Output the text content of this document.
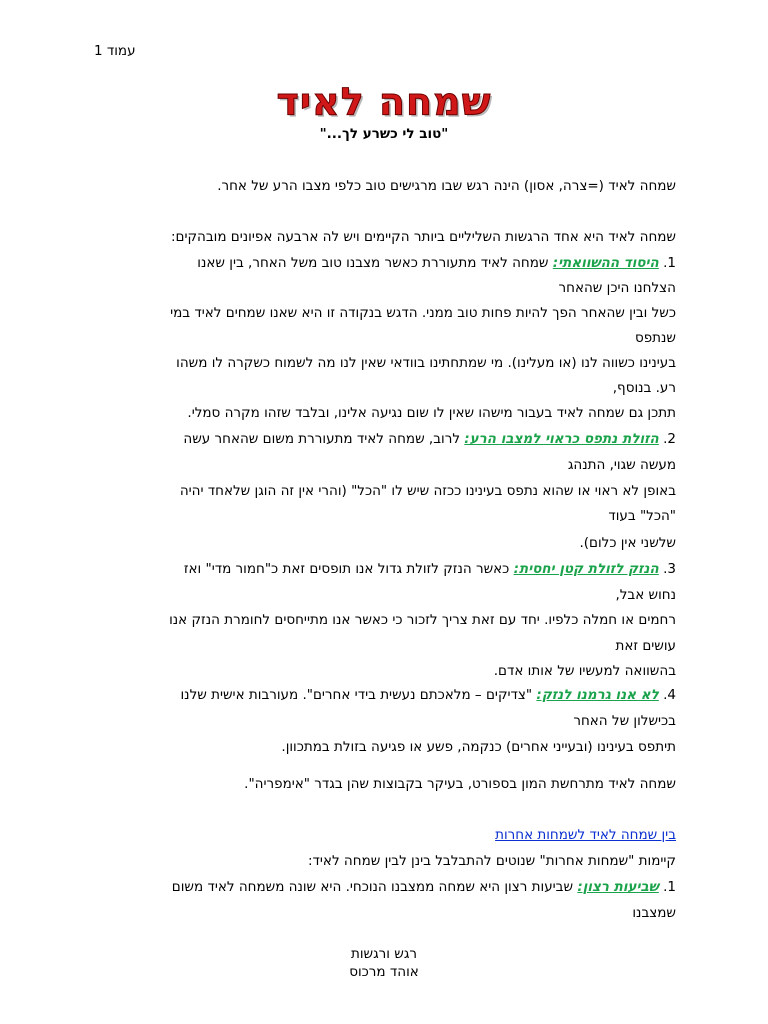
עמוד 1
שמחה לאיד
"טוב לי כשרע לך..."
שמחה לאיד (=צרה, אסון) הינה רגש שבו מרגישים טוב כלפי מצבו הרע של אחר.
שמחה לאיד היא אחד הרגשות השליליים ביותר הקיימים ויש לה ארבעה אפיונים מובהקים:
1. היסוד ההשוואתי: שמחה לאיד מתעוררת כאשר מצבנו טוב משל האחר, בין שאנו
הצלחנו היכן שהאחר
כשל ובין שהאחר הפך להיות פחות טוב ממני. הדגש בנקודה זו היא שאנו שמחים לאיד במי
שנתפס
בעינינו כשווה לנו (או מעלינו). מי שמתחתינו בוודאי שאין לנו מה לשמוח כשקרה לו משהו
רע. בנוסף,
תתכן גם שמחה לאיד בעבור מישהו שאין לו שום נגיעה אלינו, ובלבד שזהו מקרה סמלי.
2. הזולת נתפס כראוי למצבו הרע: לרוב, שמחה לאיד מתעוררת משום שהאחר עשה
מעשה שגוי, התנהג
באופן לא ראוי או שהוא נתפס בעינינו ככזה שיש לו "הכל" (והרי אין זה הוגן שלאחד יהיה
"הכל" בעוד
שלשני אין כלום).
3. הנזק לזולת קטן יחסית: כאשר הנזק לזולת גדול אנו תופסים זאת כ"חמור מדי" ואז
נחוש אבל,
רחמים או חמלה כלפיו. יחד עם זאת צריך לזכור כי כאשר אנו מתייחסים לחומרת הנזק אנו
עושים זאת
בהשוואה למעשיו של אותו אדם.
4. לא אנו גרמנו לנזק: "צדיקים – מלאכתם נעשית בידי אחרים". מעורבות אישית שלנו
בכישלון של האחר
תיתפס בעינינו (ובעייני אחרים) כנקמה, פשע או פגיעה בזולת במתכוון.
שמחה לאיד מתרחשת המון בספורט, בעיקר בקבוצות שהן בגדר "אימפריה".
בין שמחה לאיד לשמחות אחרות
קיימות "שמחות אחרות" שנוטים להתבלבל בינן לבין שמחה לאיד:
1. שביעות רצון: שביעות רצון היא שמחה ממצבנו הנוכחי. היא שונה משמחה לאיד משום
שמצבנו
רגש ורגשות
אוהד מרכוס
